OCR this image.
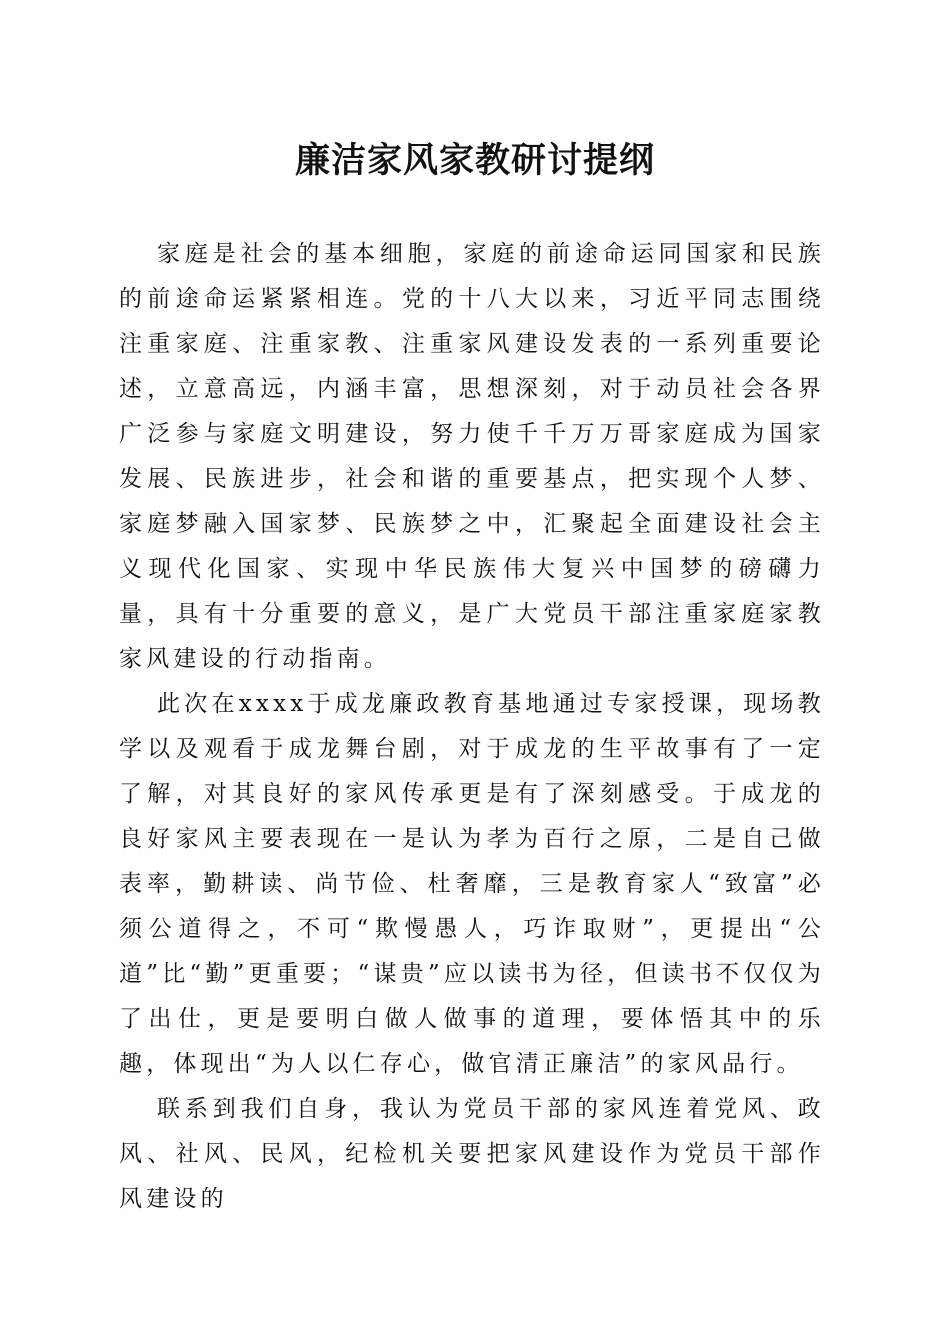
廉洁家风家教研讨提纲

家庭是社会的基本细胞，家庭的前途命运同国家和民族的前途命运紧紧相连。党的十八大以来，习近平同志围绕注重家庭、注重家教、注重家风建设发表的一系列重要论述，立意高远，内涵丰富，思想深刻，对于动员社会各界广泛参与家庭文明建设，努力使千千万万哥家庭成为国家发展、民族进步，社会和谐的重要基点，把实现个人梦、家庭梦融入国家梦、民族梦之中，汇聚起全面建设社会主义现代化国家、实现中华民族伟大复兴中国梦的磅礴力量，具有十分重要的意义，是广大党员干部注重家庭家教家风建设的行动指南。

此次在xxxx于成龙廉政教育基地通过专家授课，现场教学以及观看于成龙舞台剧，对于成龙的生平故事有了一定了解，对其良好的家风传承更是有了深刻感受。于成龙的良好家风主要表现在一是认为孝为百行之原，二是自己做表率，勤耕读、尚节俭、杜奢靡，三是教育家人“致富”必须公道得之，不可“欺慢愚人，巧诈取财”，更提出“公道”比“勤”更重要；“谋贵”应以读书为径，但读书不仅仅为了出仕，更是要明白做人做事的道理，要体悟其中的乐趣，体现出“为人以仁存心，做官清正廉洁”的家风品行。

联系到我们自身，我认为党员干部的家风连着党风、政风、社风、民风，纪检机关要把家风建设作为党员干部作风建设的
